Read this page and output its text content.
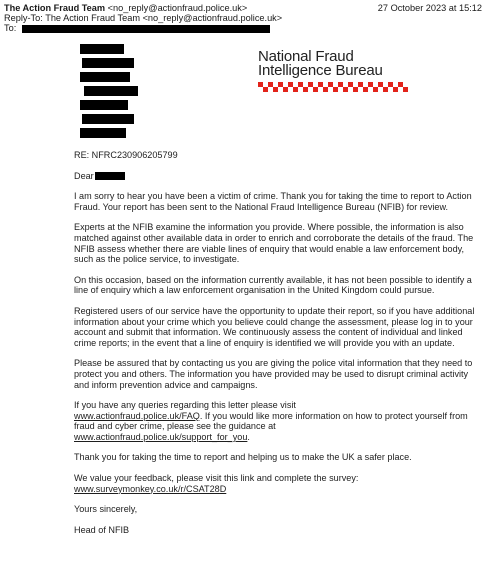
The Action Fraud Team <no_reply@actionfraud.police.uk>	27 October 2023 at 15:12
Reply-To: The Action Fraud Team <no_reply@actionfraud.police.uk>
To:
National Fraud
Intelligence Bureau

RE: NFRC230906205799

Dear

I am sorry to hear you have been a victim of crime. Thank you for taking the time to report to Action Fraud. Your report has been sent to the National Fraud Intelligence Bureau (NFIB) for review.

Experts at the NFIB examine the information you provide. Where possible, the information is also matched against other available data in order to enrich and corroborate the details of the fraud. The NFIB assess whether there are viable lines of enquiry that would enable a law enforcement body, such as the police service, to investigate.

On this occasion, based on the information currently available, it has not been possible to identify a line of enquiry which a law enforcement organisation in the United Kingdom could pursue.

Registered users of our service have the opportunity to update their report, so if you have additional information about your crime which you believe could change the assessment, please log in to your account and submit that information. We continuously assess the content of individual and linked crime reports; in the event that a line of enquiry is identified we will provide you with an update.

Please be assured that by contacting us you are giving the police vital information that they need to protect you and others. The information you have provided may be used to disrupt criminal activity and inform prevention advice and campaigns.

If you have any queries regarding this letter please visit
www.actionfraud.police.uk/FAQ. If you would like more information on how to protect yourself from fraud and cyber crime, please see the guidance at
www.actionfraud.police.uk/support_for_you.

Thank you for taking the time to report and helping us to make the UK a safer place.

We value your feedback, please visit this link and complete the survey:
www.surveymonkey.co.uk/r/CSAT28D

Yours sincerely,

Head of NFIB
